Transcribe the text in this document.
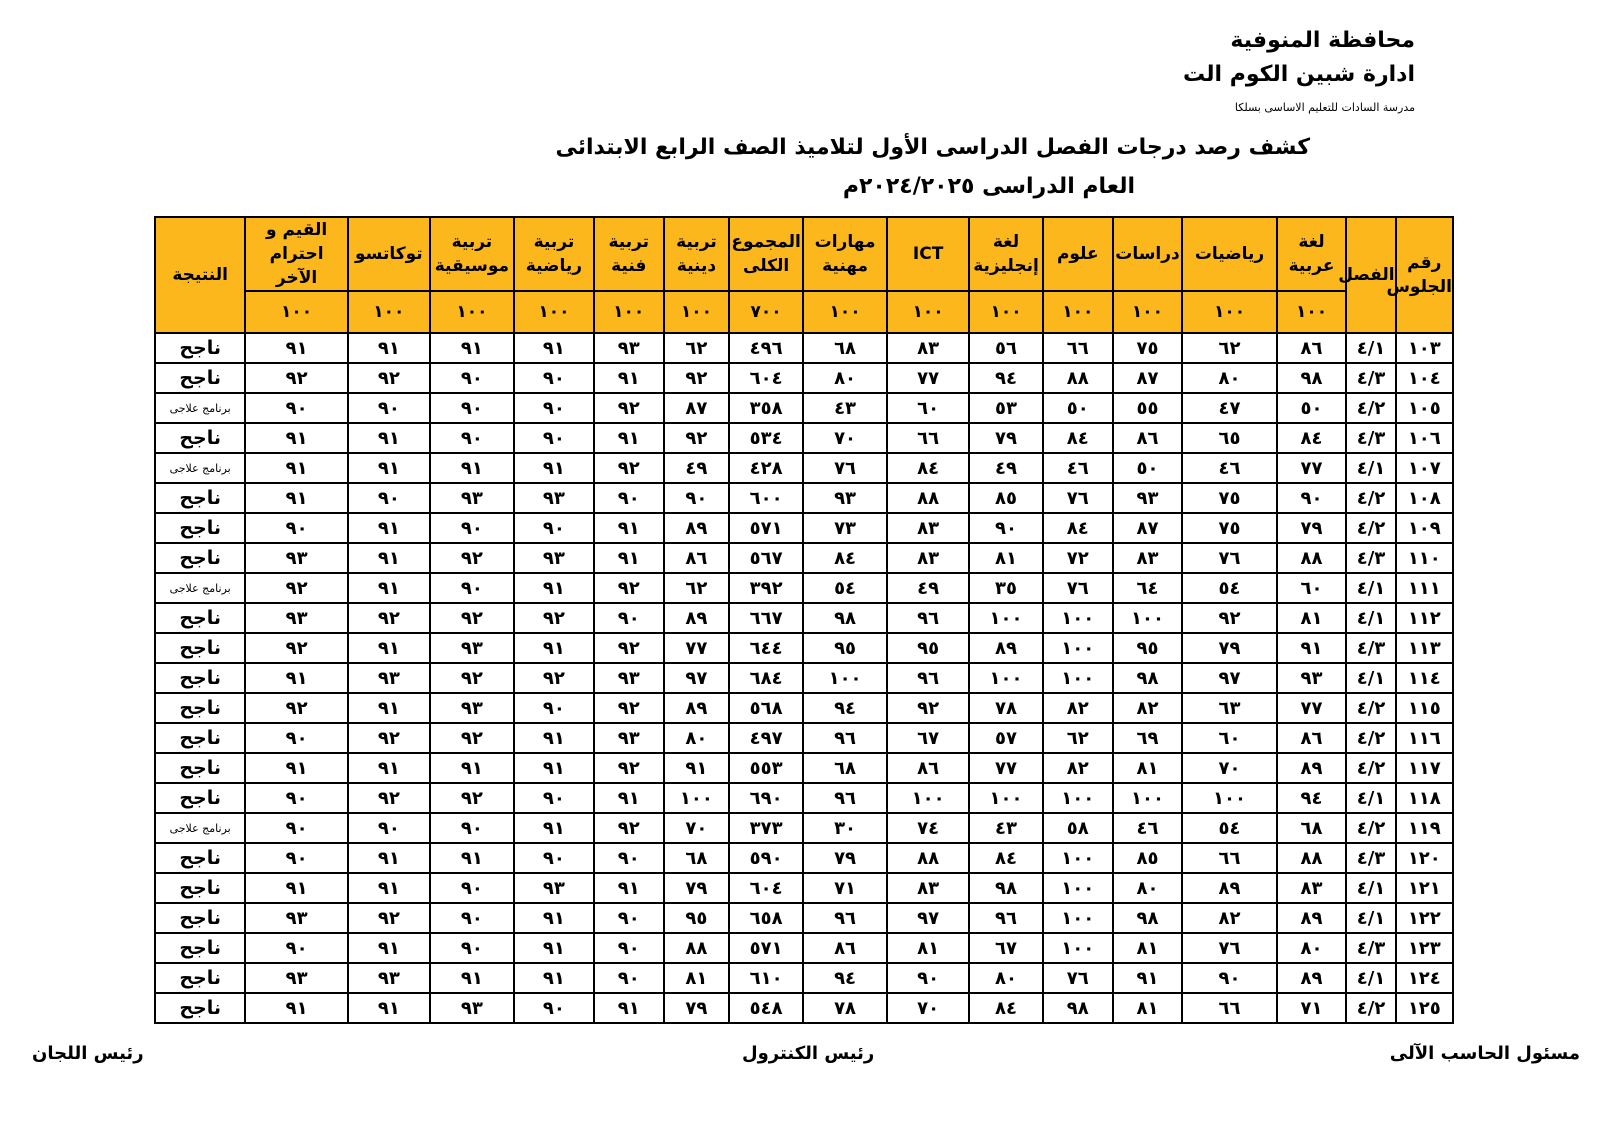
محافظة المنوفية
ادارة شبين الكوم الت
مدرسة السادات للتعليم الاساسى بسلكا
كشف رصد درجات الفصل الدراسى الأول لتلاميذ الصف الرابع الابتدائى
العام الدراسى ٢٠٢٤/٢٠٢٥م
رقم الجلوس	الفصل	لغة عربية	رياضيات	دراسات	علوم	لغة إنجليزية	ICT	مهارات مهنية	المجموع الكلى	تربية دينية	تربية فنية	تربية رياضية	تربية موسيقية	توكاتسو	القيم و احترام الآخر	النتيجة
		١٠٠	١٠٠	١٠٠	١٠٠	١٠٠	١٠٠	١٠٠	٧٠٠	١٠٠	١٠٠	١٠٠	١٠٠	١٠٠	١٠٠	
١٠٣	٤/١	٨٦	٦٢	٧٥	٦٦	٥٦	٨٣	٦٨	٤٩٦	٦٢	٩٣	٩١	٩١	٩١	٩١	ناجح
١٠٤	٤/٣	٩٨	٨٠	٨٧	٨٨	٩٤	٧٧	٨٠	٦٠٤	٩٢	٩١	٩٠	٩٠	٩٢	٩٢	ناجح
١٠٥	٤/٢	٥٠	٤٧	٥٥	٥٠	٥٣	٦٠	٤٣	٣٥٨	٨٧	٩٢	٩٠	٩٠	٩٠	٩٠	برنامج علاجى
١٠٦	٤/٣	٨٤	٦٥	٨٦	٨٤	٧٩	٦٦	٧٠	٥٣٤	٩٢	٩١	٩٠	٩٠	٩١	٩١	ناجح
١٠٧	٤/١	٧٧	٤٦	٥٠	٤٦	٤٩	٨٤	٧٦	٤٢٨	٤٩	٩٢	٩١	٩١	٩١	٩١	برنامج علاجى
١٠٨	٤/٢	٩٠	٧٥	٩٣	٧٦	٨٥	٨٨	٩٣	٦٠٠	٩٠	٩٠	٩٣	٩٣	٩٠	٩١	ناجح
١٠٩	٤/٢	٧٩	٧٥	٨٧	٨٤	٩٠	٨٣	٧٣	٥٧١	٨٩	٩١	٩٠	٩٠	٩١	٩٠	ناجح
١١٠	٤/٣	٨٨	٧٦	٨٣	٧٢	٨١	٨٣	٨٤	٥٦٧	٨٦	٩١	٩٣	٩٢	٩١	٩٣	ناجح
١١١	٤/١	٦٠	٥٤	٦٤	٧٦	٣٥	٤٩	٥٤	٣٩٢	٦٢	٩٢	٩١	٩٠	٩١	٩٢	برنامج علاجى
١١٢	٤/١	٨١	٩٢	١٠٠	١٠٠	١٠٠	٩٦	٩٨	٦٦٧	٨٩	٩٠	٩٢	٩٢	٩٢	٩٣	ناجح
١١٣	٤/٣	٩١	٧٩	٩٥	١٠٠	٨٩	٩٥	٩٥	٦٤٤	٧٧	٩٢	٩١	٩٣	٩١	٩٢	ناجح
١١٤	٤/١	٩٣	٩٧	٩٨	١٠٠	١٠٠	٩٦	١٠٠	٦٨٤	٩٧	٩٣	٩٢	٩٢	٩٣	٩١	ناجح
١١٥	٤/٢	٧٧	٦٣	٨٢	٨٢	٧٨	٩٢	٩٤	٥٦٨	٨٩	٩٢	٩٠	٩٣	٩١	٩٢	ناجح
١١٦	٤/٢	٨٦	٦٠	٦٩	٦٢	٥٧	٦٧	٩٦	٤٩٧	٨٠	٩٣	٩١	٩٢	٩٢	٩٠	ناجح
١١٧	٤/٢	٨٩	٧٠	٨١	٨٢	٧٧	٨٦	٦٨	٥٥٣	٩١	٩٢	٩١	٩١	٩١	٩١	ناجح
١١٨	٤/١	٩٤	١٠٠	١٠٠	١٠٠	١٠٠	١٠٠	٩٦	٦٩٠	١٠٠	٩١	٩٠	٩٢	٩٢	٩٠	ناجح
١١٩	٤/٢	٦٨	٥٤	٤٦	٥٨	٤٣	٧٤	٣٠	٣٧٣	٧٠	٩٢	٩١	٩٠	٩٠	٩٠	برنامج علاجى
١٢٠	٤/٣	٨٨	٦٦	٨٥	١٠٠	٨٤	٨٨	٧٩	٥٩٠	٦٨	٩٠	٩٠	٩١	٩١	٩٠	ناجح
١٢١	٤/١	٨٣	٨٩	٨٠	١٠٠	٩٨	٨٣	٧١	٦٠٤	٧٩	٩١	٩٣	٩٠	٩١	٩١	ناجح
١٢٢	٤/١	٨٩	٨٢	٩٨	١٠٠	٩٦	٩٧	٩٦	٦٥٨	٩٥	٩٠	٩١	٩٠	٩٢	٩٣	ناجح
١٢٣	٤/٣	٨٠	٧٦	٨١	١٠٠	٦٧	٨١	٨٦	٥٧١	٨٨	٩٠	٩١	٩٠	٩١	٩٠	ناجح
١٢٤	٤/١	٨٩	٩٠	٩١	٧٦	٨٠	٩٠	٩٤	٦١٠	٨١	٩٠	٩١	٩١	٩٣	٩٣	ناجح
١٢٥	٤/٢	٧١	٦٦	٨١	٩٨	٨٤	٧٠	٧٨	٥٤٨	٧٩	٩١	٩٠	٩٣	٩١	٩١	ناجح
رئيس اللجان	رئيس الكنترول	مسئول الحاسب الآلى
